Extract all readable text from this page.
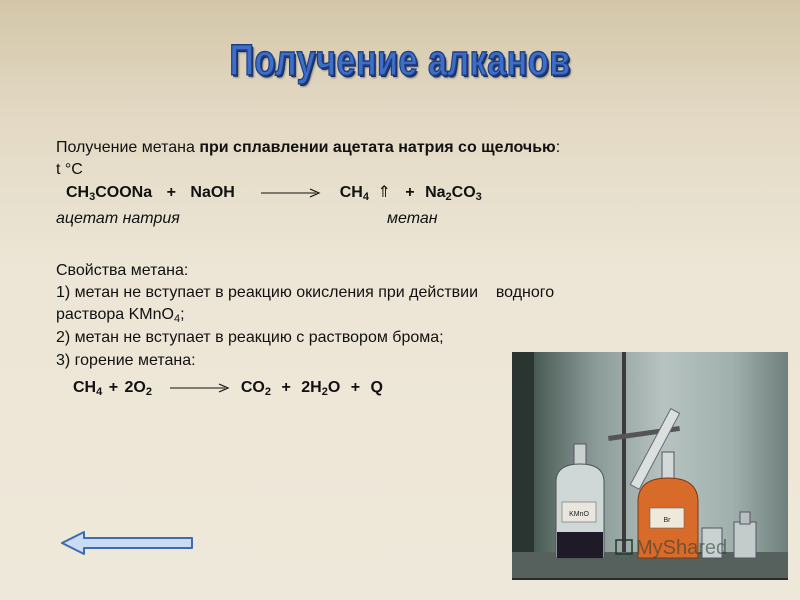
Получение алканов
Получение метана при сплавлении ацетата натрия со щелочью:
t °C
$CH_3COONa$ + NaOH → $CH_4$ ⇑ + $Na_2CO_3$
ацетат натрия	метан
Свойства метана:
1) метан не вступает в реакцию окисления при действии    водного
раствора KMnO$_4$;
2) метан не вступает в реакцию с раствором брома;
3) горение метана:
$CH_4 + 2O_2 \to CO_2 + 2H_2O + Q$
KMnO
Br
MyShared
